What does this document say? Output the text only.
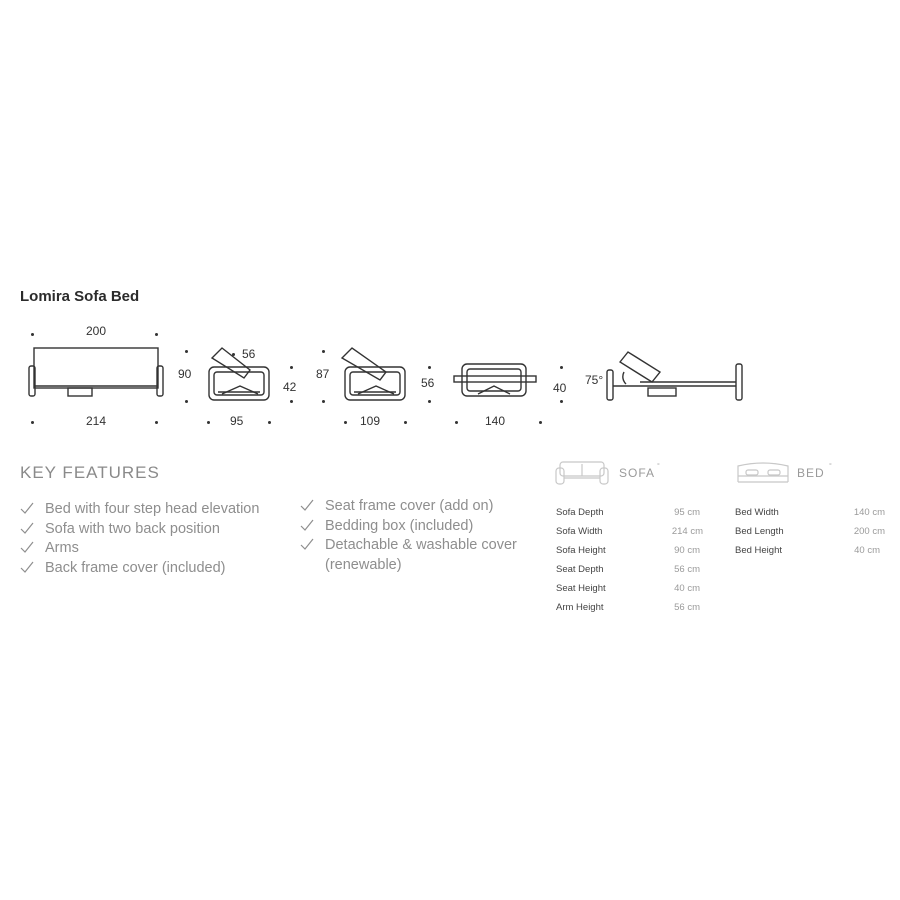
Lomira Sofa Bed
200
214
90
56
95
42
87
109
56
140
40
75°
KEY FEATURES
Bed with four step head elevation
Sofa with two back position
Arms
Back frame cover (included)
Seat frame cover (add on)
Bedding box (included)
Detachable & washable cover (renewable)
SOFA °	BED °
Sofa Depth	95 cm
Sofa Width	214 cm
Sofa Height	90 cm
Seat Depth	56 cm
Seat Height	40 cm
Arm Height	56 cm
Bed Width	140 cm
Bed Length	200 cm
Bed Height	40 cm
